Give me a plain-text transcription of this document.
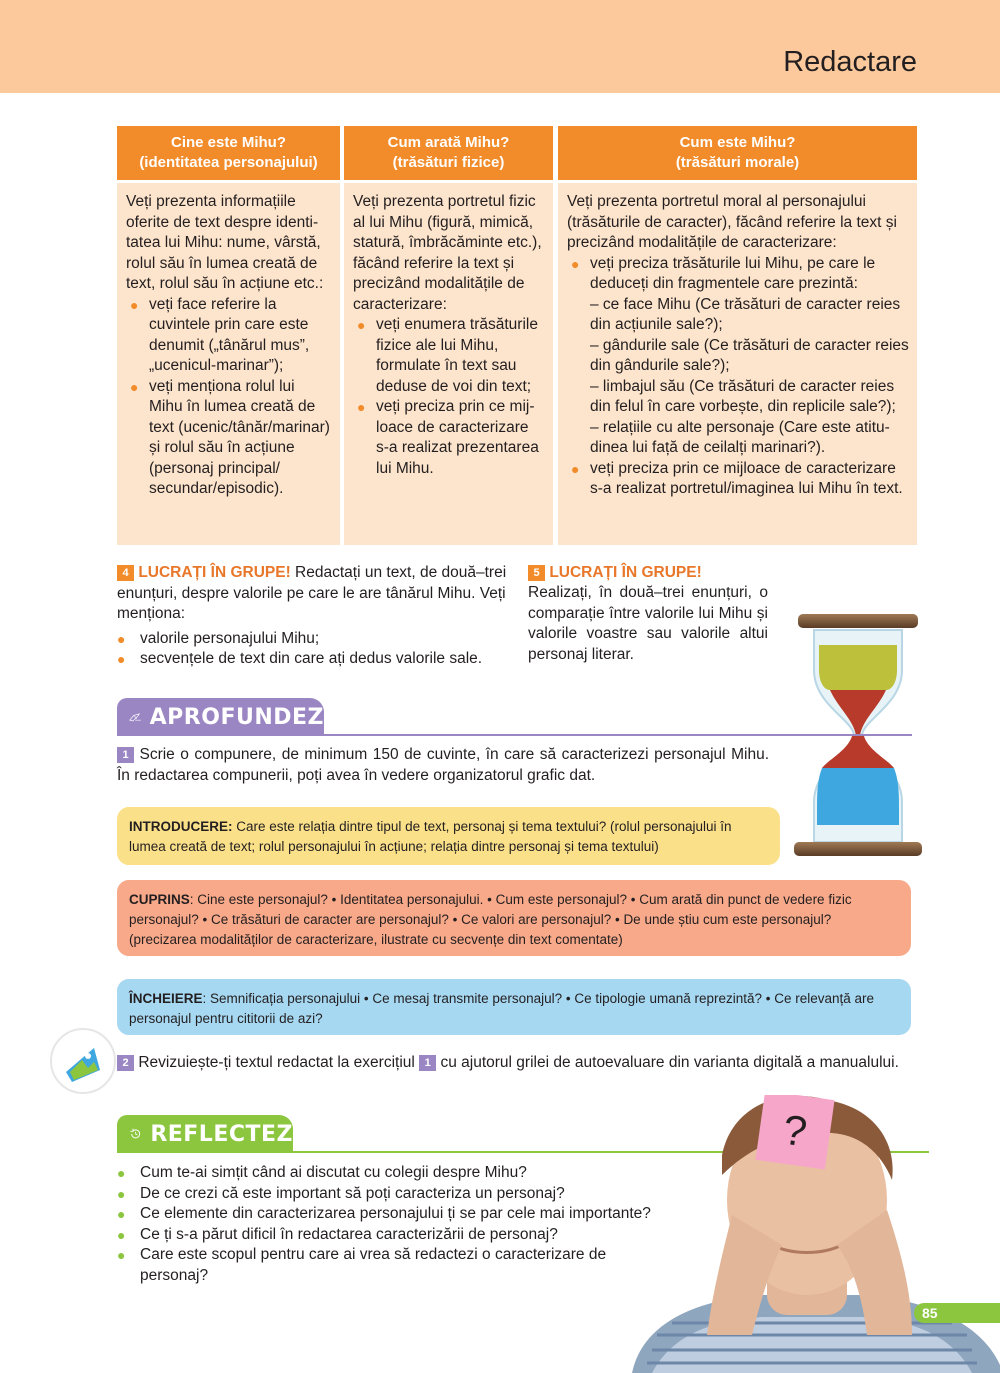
Redactare
Cine este Mihu?
(identitatea personajului)
Cum arată Mihu?
(trăsături fizice)
Cum este Mihu?
(trăsături morale)

Veți prezenta informațiile oferite de text despre identitatea lui Mihu: nume, vârstă, rolul său în lumea creată de text, rolul său în acțiune etc.:

● veți face referire la cuvintele prin care este denumit („tânărul mus”, „ucenicul-marinar”);
● veți menționa rolul lui Mihu în lumea creată de text (ucenic/tânăr/marinar) și rolul său în acțiune (personaj principal/ secundar/episodic).

Veți prezenta portretul fizic al lui Mihu (figură, mimică, statură, îmbrăcăminte etc.), făcând referire la text și precizând modalitățile de caracterizare:

● veți enumera trăsăturile fizice ale lui Mihu, formulate în text sau deduse de voi din text;
● veți preciza prin ce mijloace de caracterizare s-a realizat prezentarea lui Mihu.

Veți prezenta portretul moral al personajului (trăsăturile de caracter), făcând referire la text și precizând modalitățile de caracterizare:

● veți preciza trăsăturile lui Mihu, pe care le deduceți din fragmentele care prezintă:
– ce face Mihu (Ce trăsături de caracter reies din acțiunile sale?);
– gândurile sale (Ce trăsături de caracter reies din gândurile sale?);
– limbajul său (Ce trăsături de caracter reies din felul în care vorbește, din replicile sale?);
– relațiile cu alte personaje (Care este atitudinea lui față de ceilalți marinari?).
● veți preciza prin ce mijloace de caracterizare s-a realizat portretul/imaginea lui Mihu în text.
4 LUCRAȚI ÎN GRUPE! Redactați un text, de două–trei enunțuri, despre valorile pe care le are tânărul Mihu. Veți menționa:
● valorile personajului Mihu;
● secvențele de text din care ați dedus valorile sale.
5 LUCRAȚI ÎN GRUPE!
Realizați, în două–trei enunțuri, o comparație între valorile lui Mihu și valorile voastre sau valorile altui personaj literar.
APROFUNDEZ
1 Scrie o compunere, de minimum 150 de cuvinte, în care să caracterizezi personajul Mihu. În redactarea compunerii, poți avea în vedere organizatorul grafic dat.
INTRODUCERE: Care este relația dintre tipul de text, personaj și tema textului? (rolul personajului în lumea creată de text; rolul personajului în acțiune; relația dintre personaj și tema textului)
CUPRINS: Cine este personajul? • Identitatea personajului. • Cum este personajul? • Cum arată din punct de vedere fizic personajul? • Ce trăsături de caracter are personajul? • Ce valori are personajul? • De unde știu cum este personajul? (precizarea modalităților de caracterizare, ilustrate cu secvențe din text comentate)
ÎNCHEIERE: Semnificația personajului • Ce mesaj transmite personajul? • Ce tipologie umană reprezintă? • Ce relevanță are personajul pentru cititorii de azi?
2 Revizuiește-ți textul redactat la exercițiul 1 cu ajutorul grilei de autoevaluare din varianta digitală a manualului.
REFLECTEZ
● Cum te-ai simțit când ai discutat cu colegii despre Mihu?
● De ce crezi că este important să poți caracteriza un personaj?
● Ce elemente din caracterizarea personajului ți se par cele mai importante?
● Ce ți s-a părut dificil în redactarea caracterizării de personaj?
● Care este scopul pentru care ai vrea să redactezi o caracterizare de personaj?
?
85
